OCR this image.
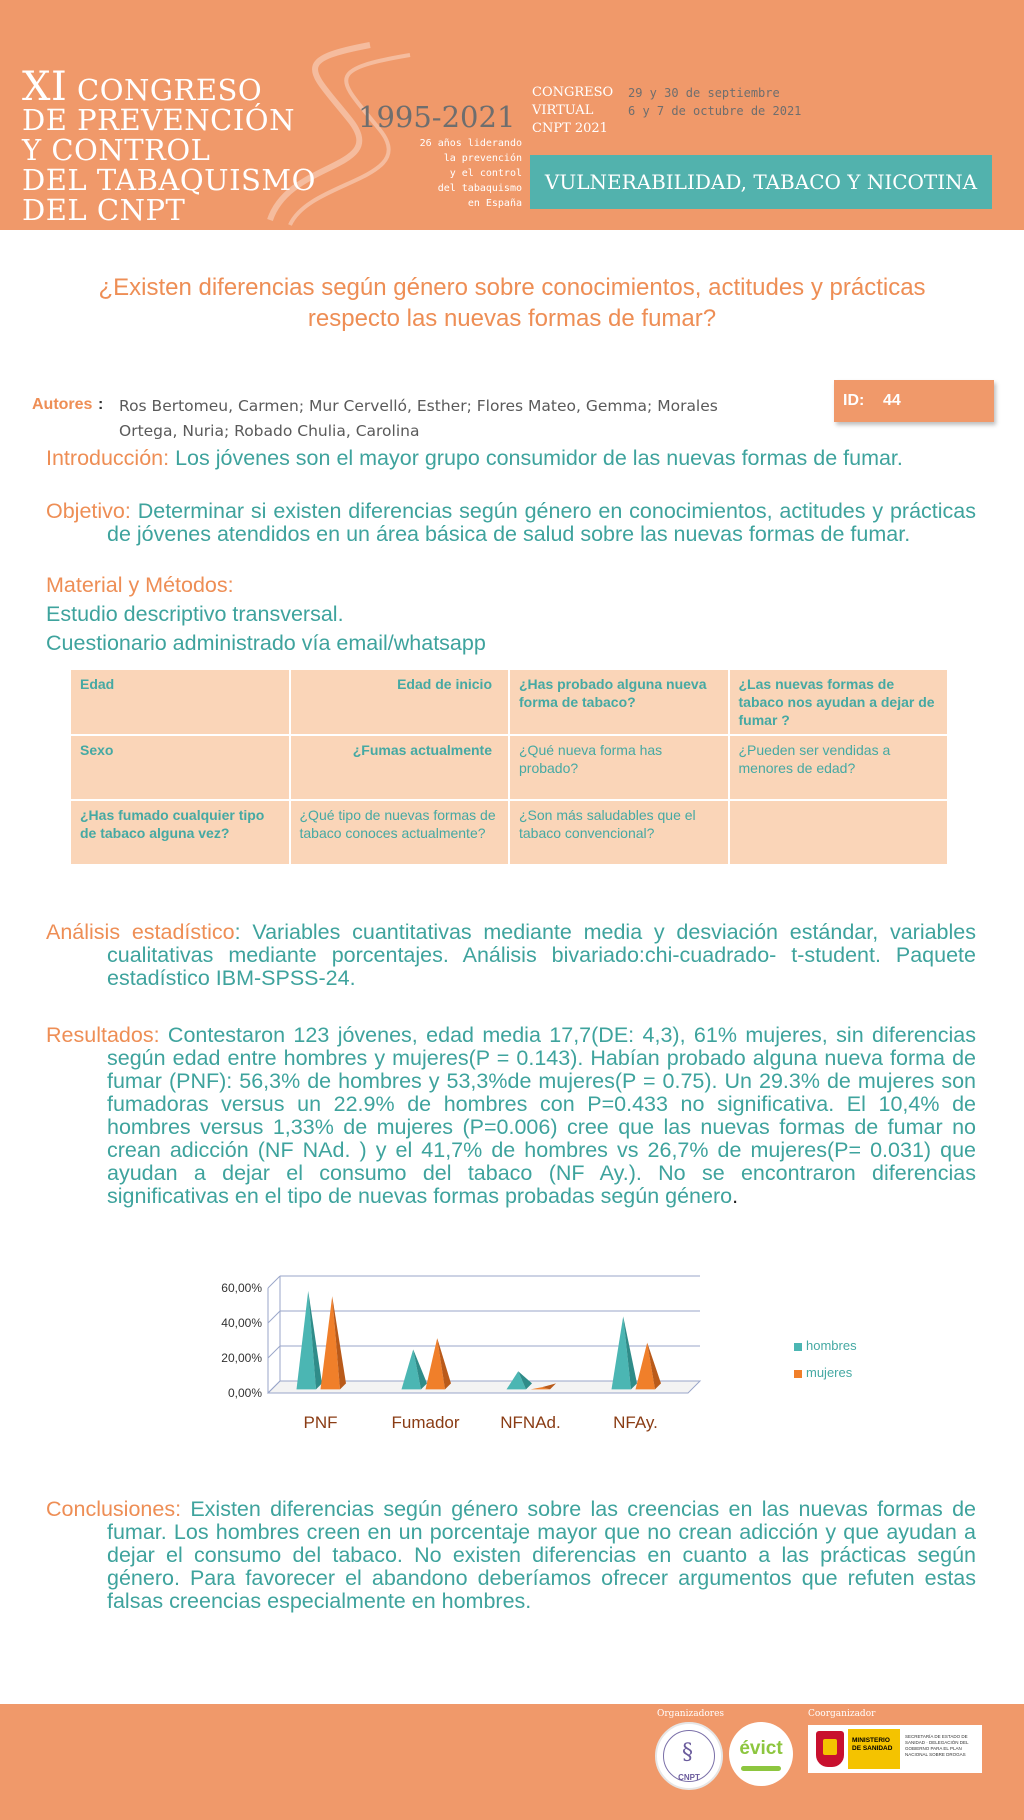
XI CONGRESO
DE PREVENCIÓN
Y CONTROL
DEL TABAQUISMO
DEL CNPT
1995-2021
26 años liderando
la prevención
y el control
del tabaquismo
en España
CONGRESO
VIRTUAL
CNPT 2021
29 y 30 de septiembre
6 y 7 de octubre de 2021
VULNERABILIDAD, TABACO Y NICOTINA
¿Existen diferencias según género sobre conocimientos, actitudes y prácticas
respecto las nuevas formas de fumar?
Autores : Ros Bertomeu, Carmen; Mur Cervelló, Esther; Flores Mateo, Gemma; Morales Ortega, Nuria; Robado Chulia, Carolina
ID: 44
Introducción: Los jóvenes son el mayor grupo consumidor de las nuevas formas de fumar.
Objetivo: Determinar si existen diferencias según género en conocimientos, actitudes y prácticas de jóvenes atendidos en un área básica de salud sobre las nuevas formas de fumar.
Material y Métodos:
Estudio descriptivo transversal.
Cuestionario administrado vía email/whatsapp
Edad	Edad de inicio	¿Has probado alguna nueva forma de tabaco?	¿Las nuevas formas de tabaco nos ayudan a dejar de fumar ?
Sexo	¿Fumas actualmente	¿Qué nueva forma has probado?	¿Pueden ser vendidas a menores de edad?
¿Has fumado cualquier tipo de tabaco alguna vez?	¿Qué tipo de nuevas formas de tabaco conoces actualmente?	¿Son más saludables que el tabaco convencional?	
Análisis estadístico: Variables cuantitativas mediante media y desviación estándar, variables cualitativas mediante porcentajes. Análisis bivariado:chi-cuadrado- t-student. Paquete estadístico IBM-SPSS-24.
Resultados: Contestaron 123 jóvenes, edad media 17,7(DE: 4,3), 61% mujeres, sin diferencias según edad entre hombres y mujeres(P = 0.143). Habían probado alguna nueva forma de fumar (PNF): 56,3% de hombres y 53,3%de mujeres(P = 0.75). Un 29.3% de mujeres son fumadoras versus un 22.9% de hombres con P=0.433 no significativa. El 10,4% de hombres versus 1,33% de mujeres (P=0.006) cree que las nuevas formas de fumar no crean adicción (NF NAd. ) y el 41,7% de hombres vs 26,7% de mujeres(P= 0.031) que ayudan a dejar el consumo del tabaco (NF Ay.). No se encontraron diferencias significativas en el tipo de nuevas formas probadas según género.
0,00%
20,00%
40,00%
60,00%
PNF	Fumador NFNAd.	NFAy.
hombres
mujeres
Conclusiones: Existen diferencias según género sobre las creencias en las nuevas formas de fumar. Los hombres creen en un porcentaje mayor que no crean adicción y que ayudan a dejar el consumo del tabaco. No existen diferencias en cuanto a las prácticas según género. Para favorecer el abandono deberíamos ofrecer argumentos que refuten estas falsas creencias especialmente en hombres.
Organizadores	Coorganizador
§
CNPT
évict	MINISTERIO DE SANIDAD
SECRETARÍA DE ESTADO DE SANIDAD · DELEGACIÓN DEL GOBIERNO PARA EL PLAN NACIONAL SOBRE DROGAS
